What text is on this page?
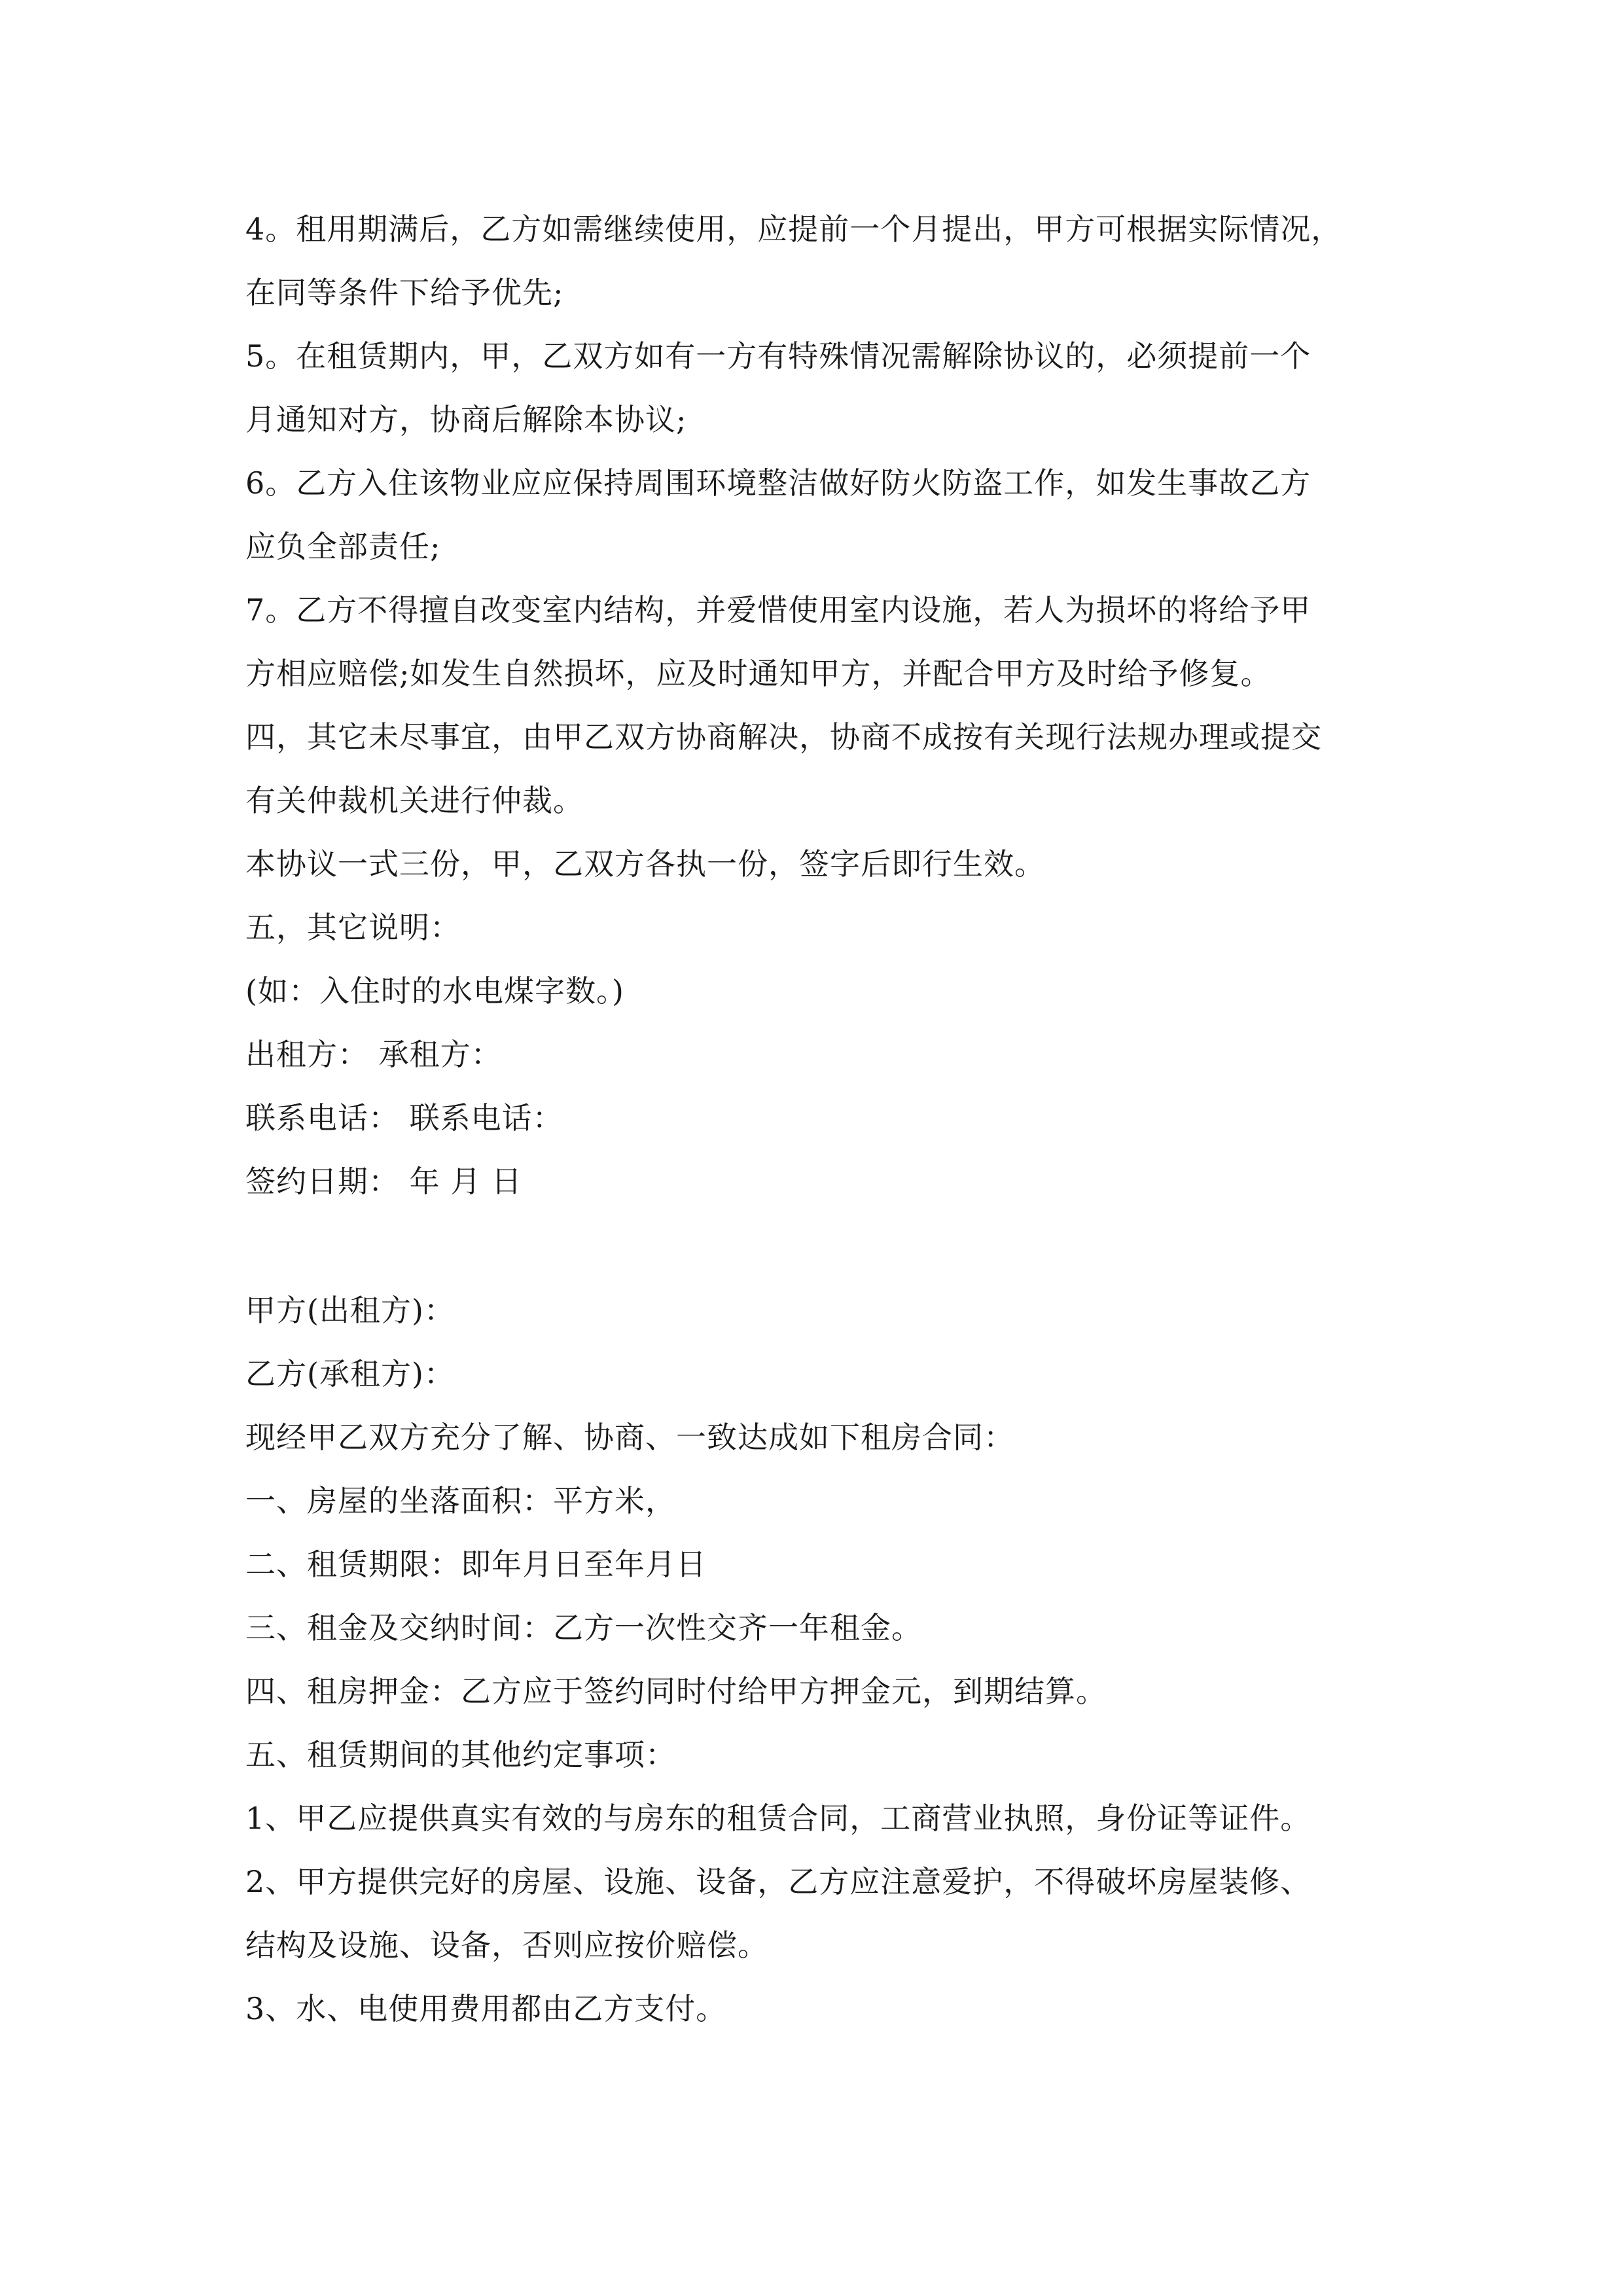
4。租用期满后，乙方如需继续使用，应提前一个月提出，甲方可根据实际情况，
在同等条件下给予优先;
5。在租赁期内，甲，乙双方如有一方有特殊情况需解除协议的，必须提前一个
月通知对方，协商后解除本协议;
6。乙方入住该物业应应保持周围环境整洁做好防火防盗工作，如发生事故乙方
应负全部责任;
7。乙方不得擅自改变室内结构，并爱惜使用室内设施，若人为损坏的将给予甲
方相应赔偿;如发生自然损坏，应及时通知甲方，并配合甲方及时给予修复。
四，其它未尽事宜，由甲乙双方协商解决，协商不成按有关现行法规办理或提交
有关仲裁机关进行仲裁。
本协议一式三份，甲，乙双方各执一份，签字后即行生效。
五，其它说明：
(如：入住时的水电煤字数。)
出租方： 承租方：
联系电话： 联系电话：
签约日期： 年 月 日
甲方(出租方)：
乙方(承租方)：
现经甲乙双方充分了解、协商、一致达成如下租房合同：
一、房屋的坐落面积：平方米，
二、租赁期限：即年月日至年月日
三、租金及交纳时间：乙方一次性交齐一年租金。
四、租房押金：乙方应于签约同时付给甲方押金元，到期结算。
五、租赁期间的其他约定事项：
1、甲乙应提供真实有效的与房东的租赁合同，工商营业执照，身份证等证件。
2、甲方提供完好的房屋、设施、设备，乙方应注意爱护，不得破坏房屋装修、
结构及设施、设备，否则应按价赔偿。
3、水、电使用费用都由乙方支付。
